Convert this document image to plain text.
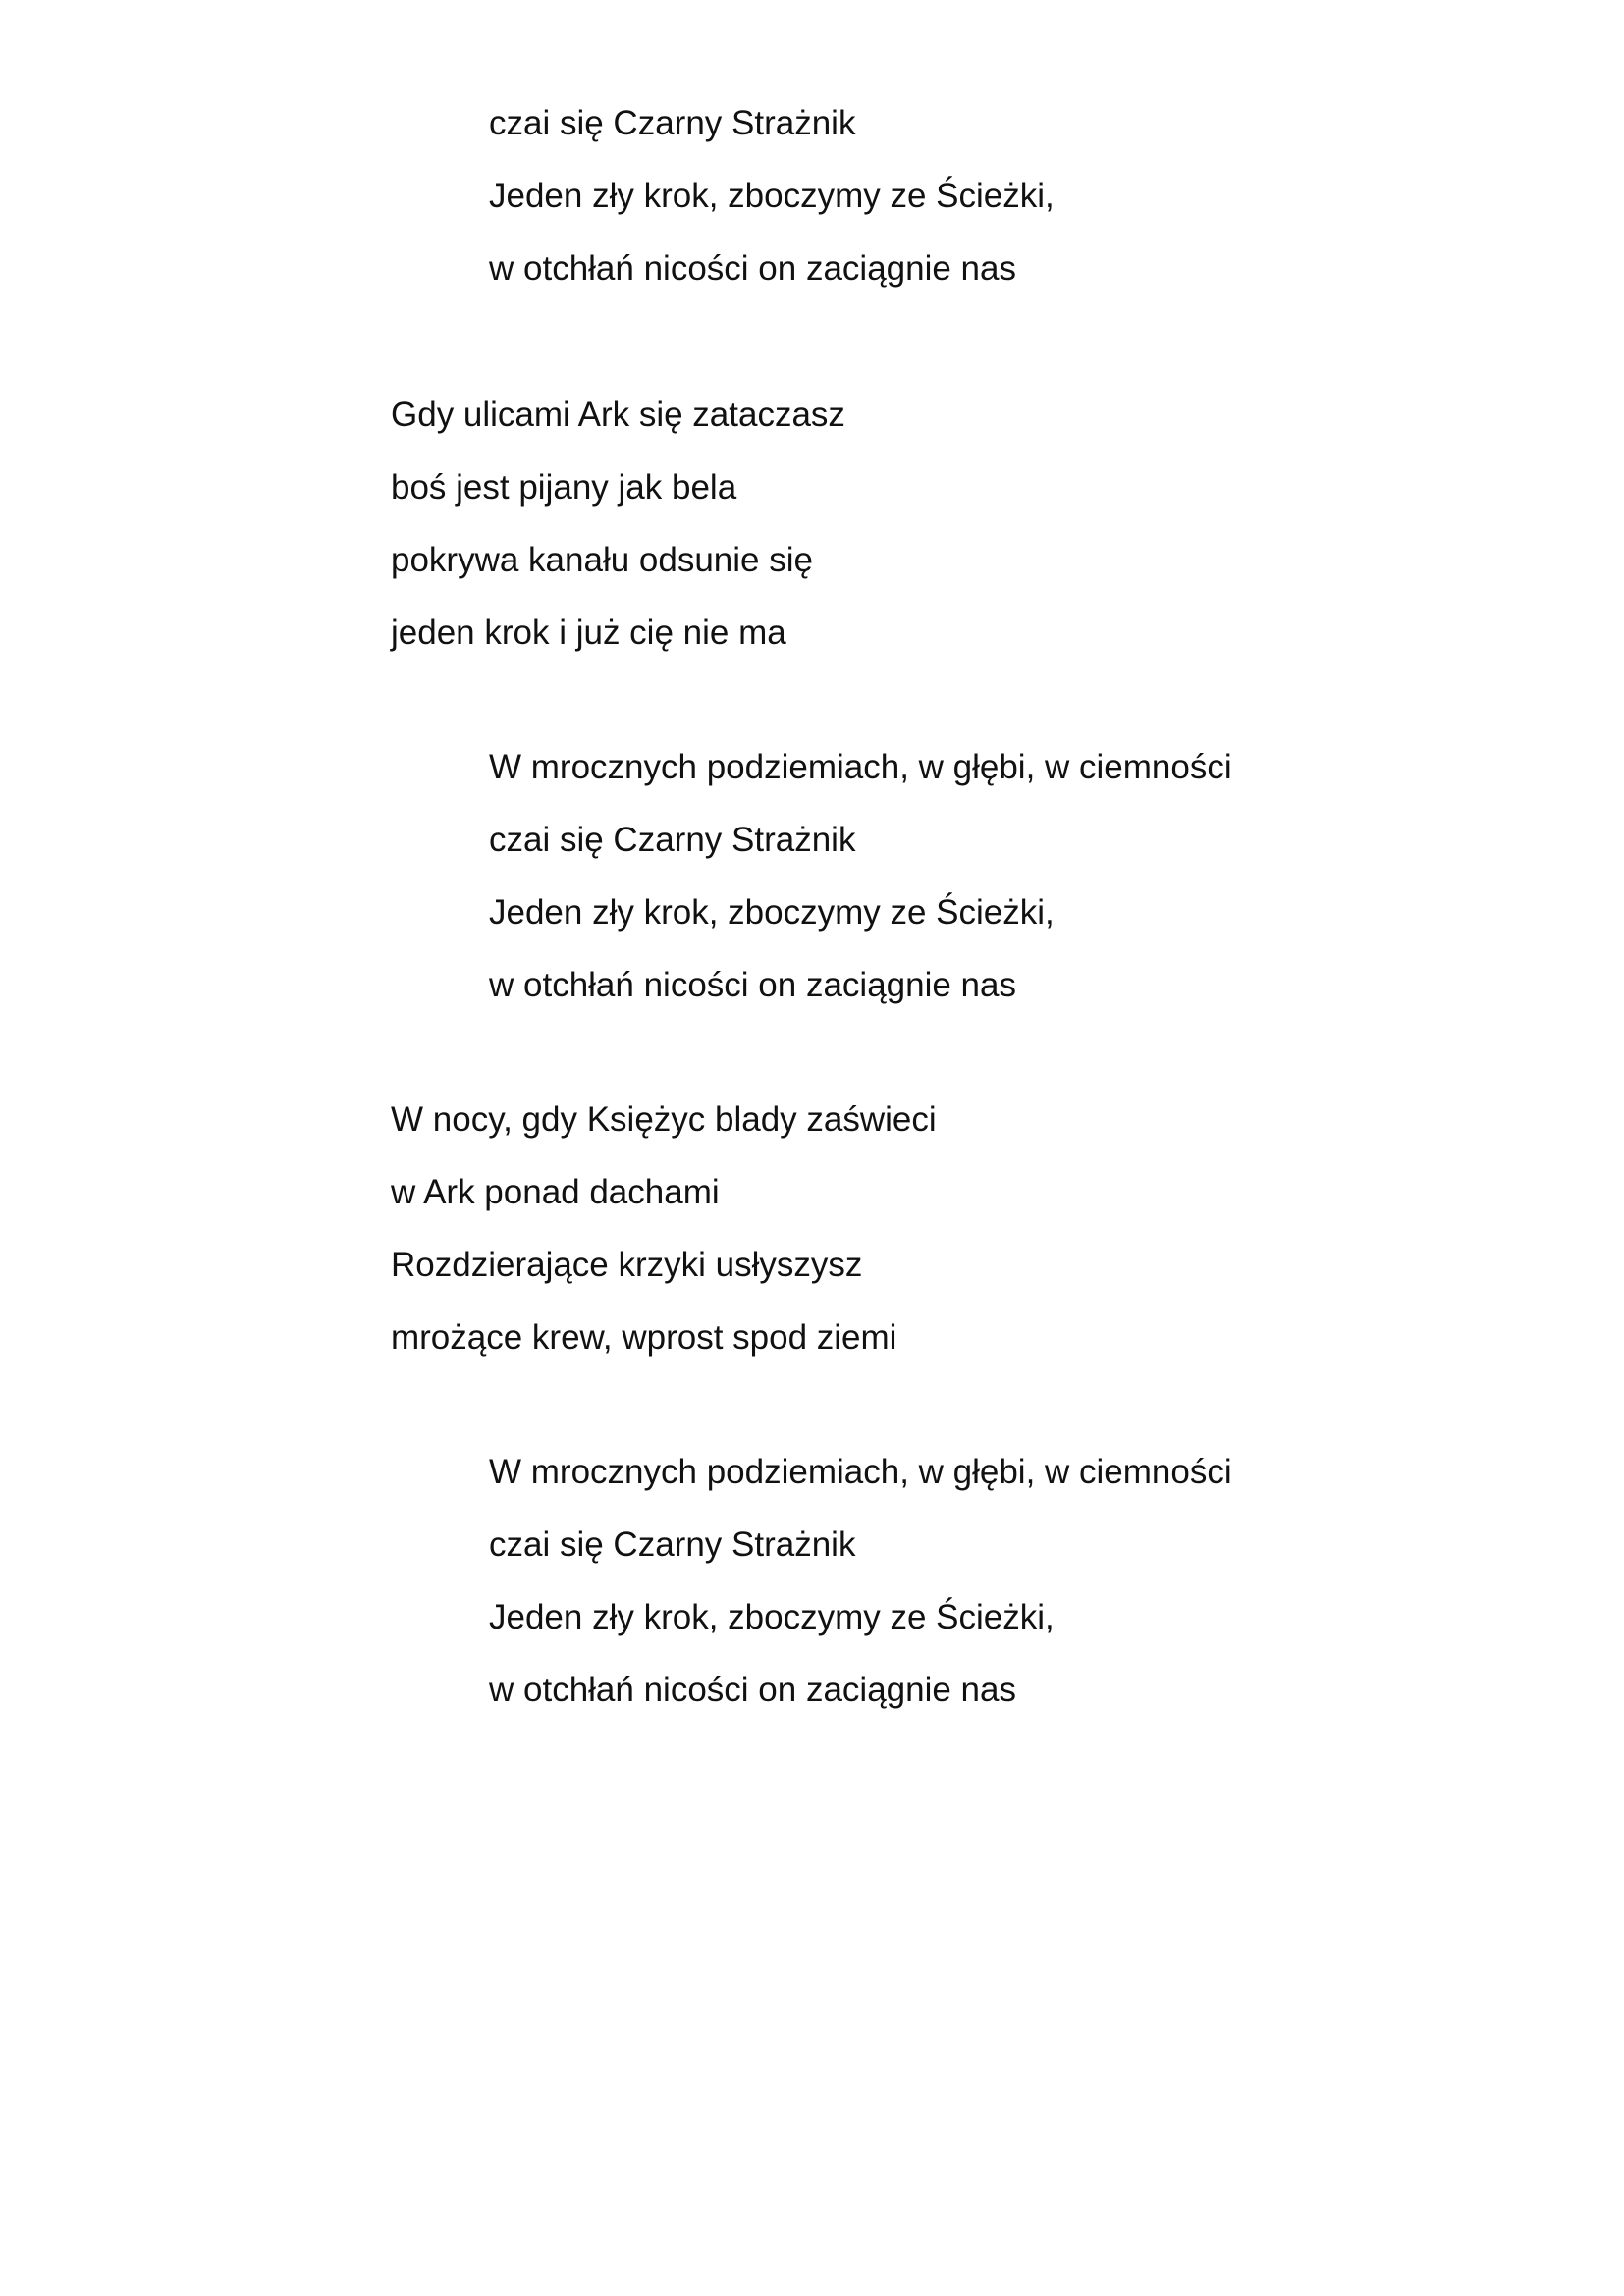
czai się Czarny Strażnik
Jeden zły krok, zboczymy ze Ścieżki,
w otchłań nicości on zaciągnie nas
Gdy ulicami Ark się zataczasz
boś jest pijany jak bela
pokrywa kanału odsunie się
jeden krok i już cię nie ma
W mrocznych podziemiach, w głębi, w ciemności
czai się Czarny Strażnik
Jeden zły krok, zboczymy ze Ścieżki,
w otchłań nicości on zaciągnie nas
W nocy, gdy Księżyc blady zaświeci
w Ark ponad dachami
Rozdzierające krzyki usłyszysz
mrożące krew, wprost spod ziemi
W mrocznych podziemiach, w głębi, w ciemności
czai się Czarny Strażnik
Jeden zły krok, zboczymy ze Ścieżki,
w otchłań nicości on zaciągnie nas
